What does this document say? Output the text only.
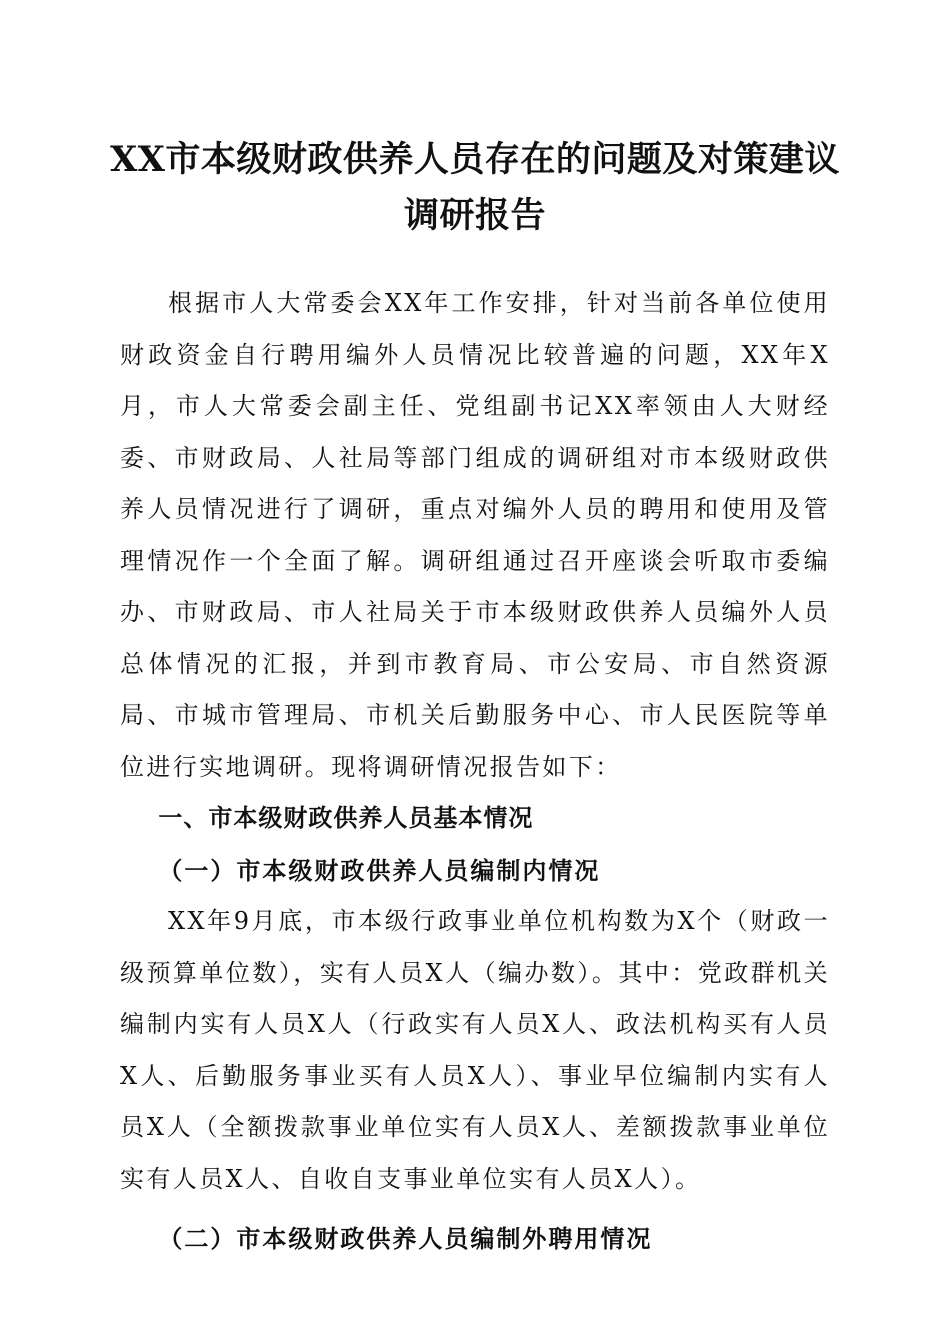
XX市本级财政供养人员存在的问题及对策建议调研报告

根据市人大常委会XX年工作安排，针对当前各单位使用财政资金自行聘用编外人员情况比较普遍的问题，XX年X月，市人大常委会副主任、党组副书记XX率领由人大财经委、市财政局、人社局等部门组成的调研组对市本级财政供养人员情况进行了调研，重点对编外人员的聘用和使用及管理情况作一个全面了解。调研组通过召开座谈会听取市委编办、市财政局、市人社局关于市本级财政供养人员编外人员总体情况的汇报，并到市教育局、市公安局、市自然资源局、市城市管理局、市机关后勤服务中心、市人民医院等单位进行实地调研。现将调研情况报告如下：

一、市本级财政供养人员基本情况

（一）市本级财政供养人员编制内情况

XX年9月底，市本级行政事业单位机构数为X个（财政一级预算单位数），实有人员X人（编办数）。其中：党政群机关编制内实有人员X人（行政实有人员X人、政法机构买有人员X人、后勤服务事业买有人员X人）、事业早位编制内实有人员X人（全额拨款事业单位实有人员X人、差额拨款事业单位实有人员X人、自收自支事业单位实有人员X人）。

（二）市本级财政供养人员编制外聘用情况
